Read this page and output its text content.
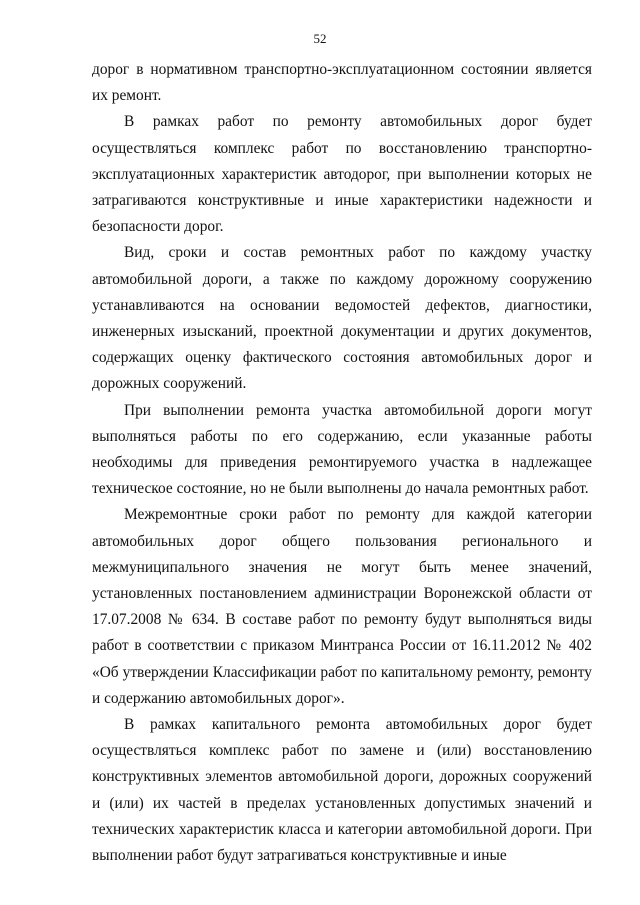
52

дорог в нормативном транспортно-эксплуатационном состоянии является их ремонт.

В рамках работ по ремонту автомобильных дорог будет осуществляться комплекс работ по восстановлению транспортно-эксплуатационных характеристик автодорог, при выполнении которых не затрагиваются конструктивные и иные характеристики надежности и безопасности дорог.

Вид, сроки и состав ремонтных работ по каждому участку автомобильной дороги, а также по каждому дорожному сооружению устанавливаются на основании ведомостей дефектов, диагностики, инженерных изысканий, проектной документации и других документов, содержащих оценку фактического состояния автомобильных дорог и дорожных сооружений.

При выполнении ремонта участка автомобильной дороги могут выполняться работы по его содержанию, если указанные работы необходимы для приведения ремонтируемого участка в надлежащее техническое состояние, но не были выполнены до начала ремонтных работ.

Межремонтные сроки работ по ремонту для каждой категории автомобильных дорог общего пользования регионального и межмуниципального значения не могут быть менее значений, установленных постановлением администрации Воронежской области от 17.07.2008 № 634. В составе работ по ремонту будут выполняться виды работ в соответствии с приказом Минтранса России от 16.11.2012 № 402 «Об утверждении Классификации работ по капитальному ремонту, ремонту и содержанию автомобильных дорог».

В рамках капитального ремонта автомобильных дорог будет осуществляться комплекс работ по замене и (или) восстановлению конструктивных элементов автомобильной дороги, дорожных сооружений и (или) их частей в пределах установленных допустимых значений и технических характеристик класса и категории автомобильной дороги. При выполнении работ будут затрагиваться конструктивные и иные
